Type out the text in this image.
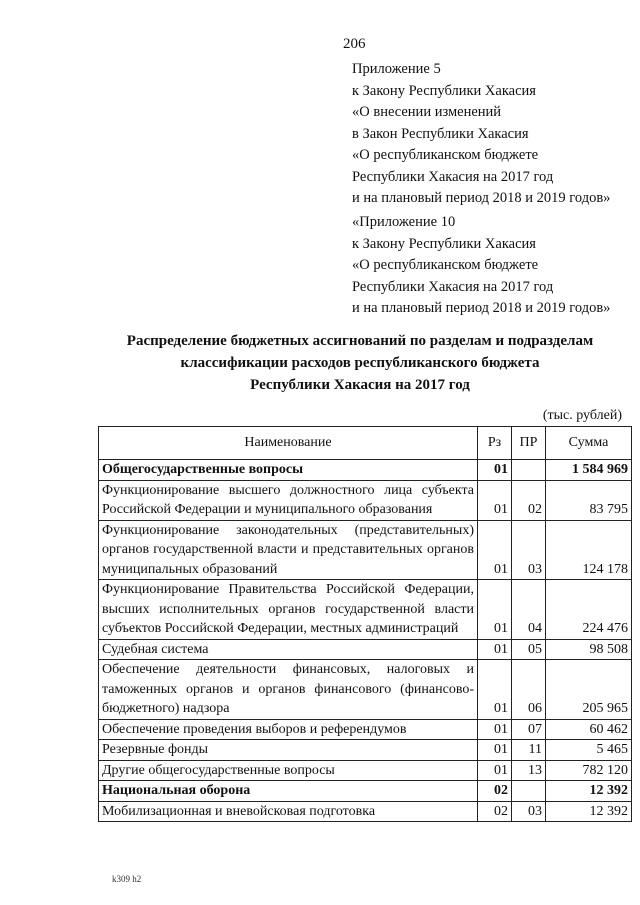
206
Приложение 5
к Закону Республики Хакасия
«О внесении изменений
в Закон Республики Хакасия
«О республиканском бюджете
Республики Хакасия на 2017 год
и на плановый период 2018 и 2019 годов»
«Приложение 10
к Закону Республики Хакасия
«О республиканском бюджете
Республики Хакасия на 2017 год
и на плановый период 2018 и 2019 годов»
Распределение бюджетных ассигнований по разделам и подразделам
классификации расходов республиканского бюджета
Республики Хакасия на 2017 год
(тыс. рублей)
Наименование	Рз	ПР	Сумма
Общегосударственные вопросы	01		1 584 969
Функционирование высшего должностного лица субъекта Российской Федерации и муниципального образования	01	02	83 795
Функционирование законодательных (представительных) органов государственной власти и представительных органов муниципальных образований	01	03	124 178
Функционирование Правительства Российской Федерации, высших исполнительных органов государственной власти субъектов Российской Федерации, местных администраций	01	04	224 476
Судебная система	01	05	98 508
Обеспечение деятельности финансовых, налоговых и таможенных органов и органов финансового (финансово-бюджетного) надзора	01	06	205 965
Обеспечение проведения выборов и референдумов	01	07	60 462
Резервные фонды	01	11	5 465
Другие общегосударственные вопросы	01	13	782 120
Национальная оборона	02		12 392
Мобилизационная и вневойсковая подготовка	02	03	12 392
k309 h2
